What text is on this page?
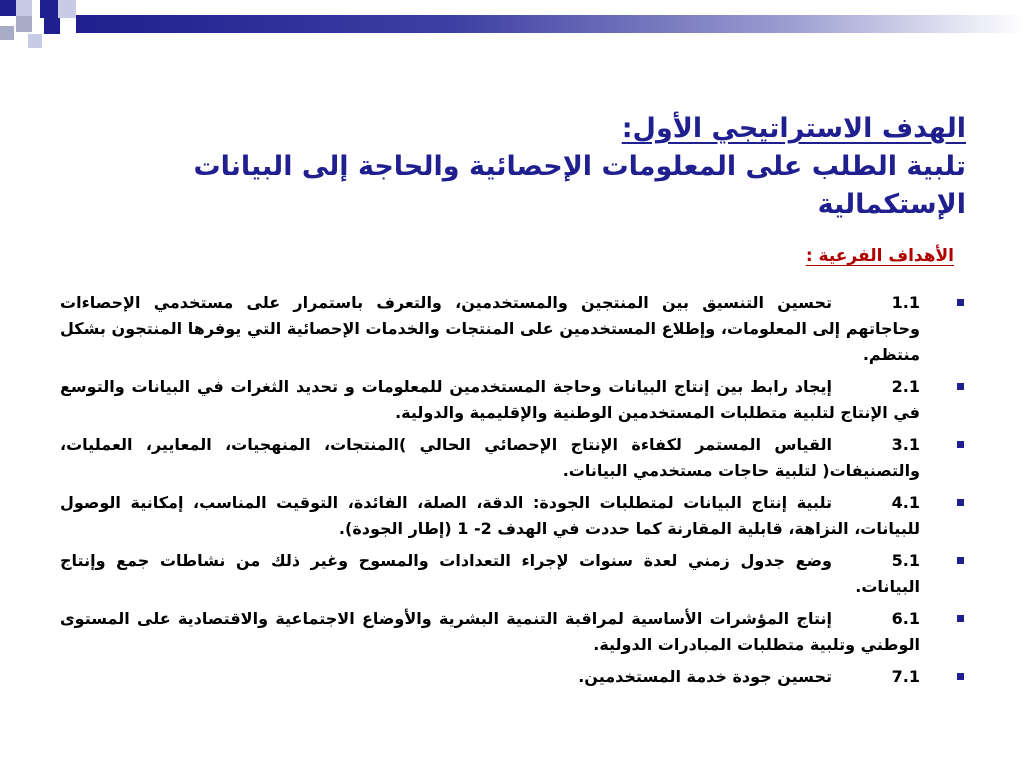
الهدف الاستراتيجي الأول:

تلبية الطلب على المعلومات الإحصائية والحاجة إلى البيانات الإستكمالية

الأهداف الفرعية :
1.1تحسين التنسيق بين المنتجين والمستخدمين، والتعرف باستمرار على مستخدمي الإحصاءات وحاجاتهم إلى المعلومات، وإطلاع المستخدمين على المنتجات والخدمات الإحصائية التي يوفرها المنتجون بشكل منتظم.
2.1إيجاد رابط بين إنتاج البيانات وحاجة المستخدمين للمعلومات و تحديد الثغرات في البيانات والتوسع في الإنتاج لتلبية متطلبات المستخدمين الوطنية والإقليمية والدولية.
3.1القياس المستمر لكفاءة الإنتاج الإحصائي الحالي )المنتجات، المنهجيات، المعايير، العمليات، والتصنيفات( لتلبية حاجات مستخدمي البيانات.
4.1تلبية إنتاج البيانات لمتطلبات الجودة: الدقة، الصلة، الفائدة، التوقيت المناسب، إمكانية الوصول للبيانات، النزاهة، قابلية المقارنة كما حددت في الهدف 2- 1 (إطار الجودة).
5.1وضع جدول زمني لعدة سنوات لإجراء التعدادات والمسوح وغير ذلك من نشاطات جمع وإنتاج البيانات.
6.1إنتاج المؤشرات الأساسية لمراقبة التنمية البشرية والأوضاع الاجتماعية والاقتصادية على المستوى الوطني وتلبية متطلبات المبادرات الدولية.
7.1تحسين جودة خدمة المستخدمين.
